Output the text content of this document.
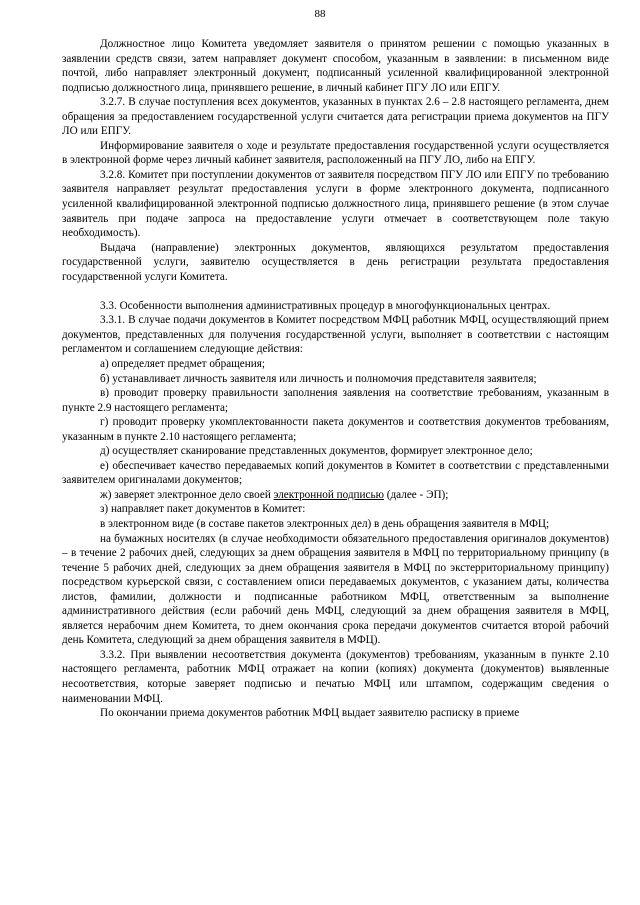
88

Должностное лицо Комитета уведомляет заявителя о принятом решении с помощью указанных в заявлении средств связи, затем направляет документ способом, указанным в заявлении: в письменном виде почтой, либо направляет электронный документ, подписанный усиленной квалифицированной электронной подписью должностного лица, принявшего решение, в личный кабинет ПГУ ЛО или ЕПГУ.

3.2.7. В случае поступления всех документов, указанных в пунктах 2.6 – 2.8 настоящего регламента, днем обращения за предоставлением государственной услуги считается дата регистрации приема документов на ПГУ ЛО или ЕПГУ.

Информирование заявителя о ходе и результате предоставления государственной услуги осуществляется в электронной форме через личный кабинет заявителя, расположенный на ПГУ ЛО, либо на ЕПГУ.

3.2.8. Комитет при поступлении документов от заявителя посредством ПГУ ЛО или ЕПГУ по требованию заявителя направляет результат предоставления услуги в форме электронного документа, подписанного усиленной квалифицированной электронной подписью должностного лица, принявшего решение (в этом случае заявитель при подаче запроса на предоставление услуги отмечает в соответствующем поле такую необходимость).

Выдача (направление) электронных документов, являющихся результатом предоставления государственной услуги, заявителю осуществляется в день регистрации результата предоставления государственной услуги Комитета.

3.3. Особенности выполнения административных процедур в многофункциональных центрах.

3.3.1. В случае подачи документов в Комитет посредством МФЦ работник МФЦ, осуществляющий прием документов, представленных для получения государственной услуги, выполняет в соответствии с настоящим регламентом и соглашением следующие действия:

а) определяет предмет обращения;

б) устанавливает личность заявителя или личность и полномочия представителя заявителя;

в) проводит проверку правильности заполнения заявления на соответствие требованиям, указанным в пункте 2.9 настоящего регламента;

г) проводит проверку укомплектованности пакета документов и соответствия документов требованиям, указанным в пункте 2.10 настоящего регламента;

д) осуществляет сканирование представленных документов, формирует электронное дело;

е) обеспечивает качество передаваемых копий документов в Комитет в соответствии с представленными заявителем оригиналами документов;

ж) заверяет электронное дело своей электронной подписью (далее - ЭП);

з) направляет пакет документов в Комитет:

в электронном виде (в составе пакетов электронных дел) в день обращения заявителя в МФЦ;

на бумажных носителях (в случае необходимости обязательного предоставления оригиналов документов) – в течение 2 рабочих дней, следующих за днем обращения заявителя в МФЦ по территориальному принципу (в течение 5 рабочих дней, следующих за днем обращения заявителя в МФЦ по экстерриториальному принципу) посредством курьерской связи, с составлением описи передаваемых документов, с указанием даты, количества листов, фамилии, должности и подписанные работником МФЦ, ответственным за выполнение административного действия (если рабочий день МФЦ, следующий за днем обращения заявителя в МФЦ, является нерабочим днем Комитета, то днем окончания срока передачи документов считается второй рабочий день Комитета, следующий за днем обращения заявителя в МФЦ).

3.3.2. При выявлении несоответствия документа (документов) требованиям, указанным в пункте 2.10 настоящего регламента, работник МФЦ отражает на копии (копиях) документа (документов) выявленные несоответствия, которые заверяет подписью и печатью МФЦ или штампом, содержащим сведения о наименовании МФЦ.

По окончании приема документов работник МФЦ выдает заявителю расписку в приеме
